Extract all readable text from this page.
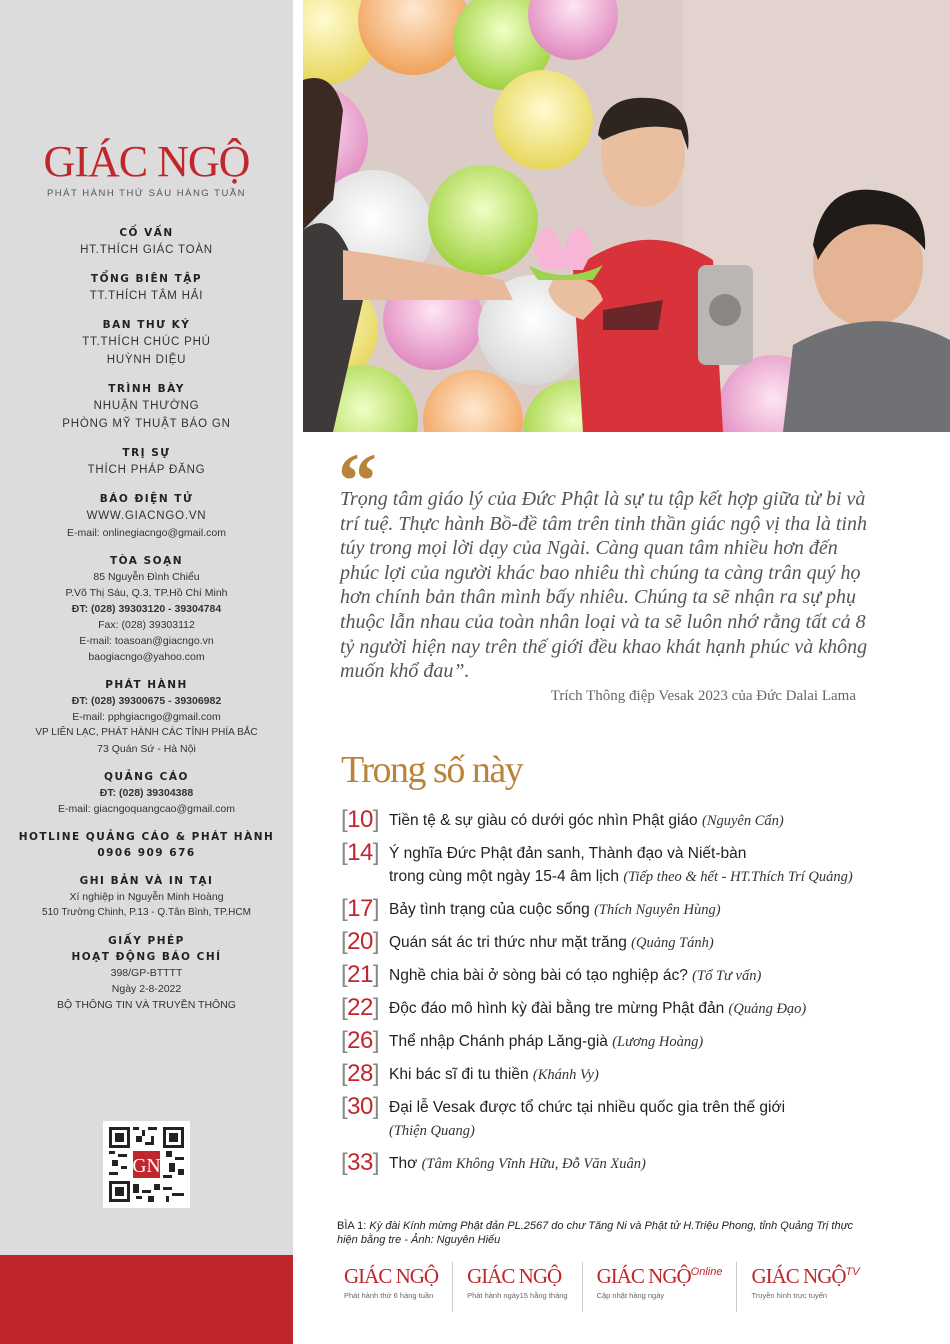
GIÁC NGỘ
PHÁT HÀNH THỨ SÁU HÀNG TUẦN
CỐ VẤN
HT.THÍCH GIÁC TOÀN
TỔNG BIÊN TẬP
TT.THÍCH TÂM HẢI
BAN THƯ KÝ
TT.THÍCH CHÚC PHÚ
HUỲNH DIỆU
TRÌNH BÀY
NHUẬN THƯỜNG
PHÒNG MỸ THUẬT BÁO GN
TRỊ SỰ
THÍCH PHÁP ĐĂNG
BÁO ĐIỆN TỬ
WWW.GIACNGO.VN
E-mail: onlinegiacngo@gmail.com
TÒA SOẠN
85 Nguyễn Đình Chiểu
P.Võ Thị Sáu, Q.3, TP.Hồ Chí Minh
ĐT: (028) 39303120 - 39304784
Fax: (028) 39303112
E-mail: toasoan@giacngo.vn
baogiacngo@yahoo.com
PHÁT HÀNH
ĐT: (028) 39300675 - 39306982
E-mail: pphgiacngo@gmail.com
VP LIÊN LẠC, PHÁT HÀNH CÁC TỈNH PHÍA BẮC
73 Quán Sứ - Hà Nội
QUẢNG CÁO
ĐT: (028) 39304388
E-mail: giacngoquangcao@gmail.com
HOTLINE QUẢNG CÁO & PHÁT HÀNH
0906 909 676
GHI BẢN VÀ IN TẠI
Xí nghiệp in Nguyễn Minh Hoàng
510 Trường Chinh, P.13 - Q.Tân Bình, TP.HCM
GIẤY PHÉP
HOẠT ĐỘNG BÁO CHÍ
398/GP-BTTTT
Ngày 2-8-2022
BỘ THÔNG TIN VÀ TRUYỀN THÔNG
GN
“
Trọng tâm giáo lý của Đức Phật là sự tu tập kết hợp giữa từ bi và trí tuệ. Thực hành Bồ-đề tâm trên tinh thần giác ngộ vị tha là tinh túy trong mọi lời dạy của Ngài. Càng quan tâm nhiều hơn đến phúc lợi của người khác bao nhiêu thì chúng ta càng trân quý họ hơn chính bản thân mình bấy nhiêu. Chúng ta sẽ nhận ra sự phụ thuộc lẫn nhau của toàn nhân loại và ta sẽ luôn nhớ rằng tất cả 8 tỷ người hiện nay trên thế giới đều khao khát hạnh phúc và không muốn khổ đau”.
Trích Thông điệp Vesak 2023 của Đức Dalai Lama
Trong số này
[10] Tiền tệ & sự giàu có dưới góc nhìn Phật giáo (Nguyên Cẩn)
[14] Ý nghĩa Đức Phật đản sanh, Thành đạo và Niết-bàn
trong cùng một ngày 15-4 âm lịch (Tiếp theo & hết - HT.Thích Trí Quảng)
[17] Bảy tình trạng của cuộc sống (Thích Nguyên Hùng)
[20] Quán sát ác tri thức như mặt trăng (Quảng Tánh)
[21] Nghề chia bài ở sòng bài có tạo nghiệp ác? (Tổ Tư vấn)
[22] Độc đáo mô hình kỳ đài bằng tre mừng Phật đản (Quảng Đạo)
[26] Thể nhập Chánh pháp Lăng-già (Lương Hoàng)
[28] Khi bác sĩ đi tu thiền (Khánh Vy)
[30] Đại lễ Vesak được tổ chức tại nhiều quốc gia trên thế giới
(Thiện Quang)
[33] Thơ (Tâm Không Vĩnh Hữu, Đỗ Văn Xuân)
BÌA 1: Kỳ đài Kính mừng Phật đản PL.2567 do chư Tăng Ni và Phật tử H.Triệu Phong, tỉnh Quảng Trị thực hiện bằng tre - Ảnh: Nguyên Hiếu
GIÁC NGỘ
Phát hành thứ 6 hàng tuần
GIÁC NGỘ
Phát hành ngày15 hằng tháng
GIÁC NGỘ$^{Online}$
Cập nhật hàng ngày
GIÁC NGỘ$^{TV}$
Truyền hình trực tuyến
